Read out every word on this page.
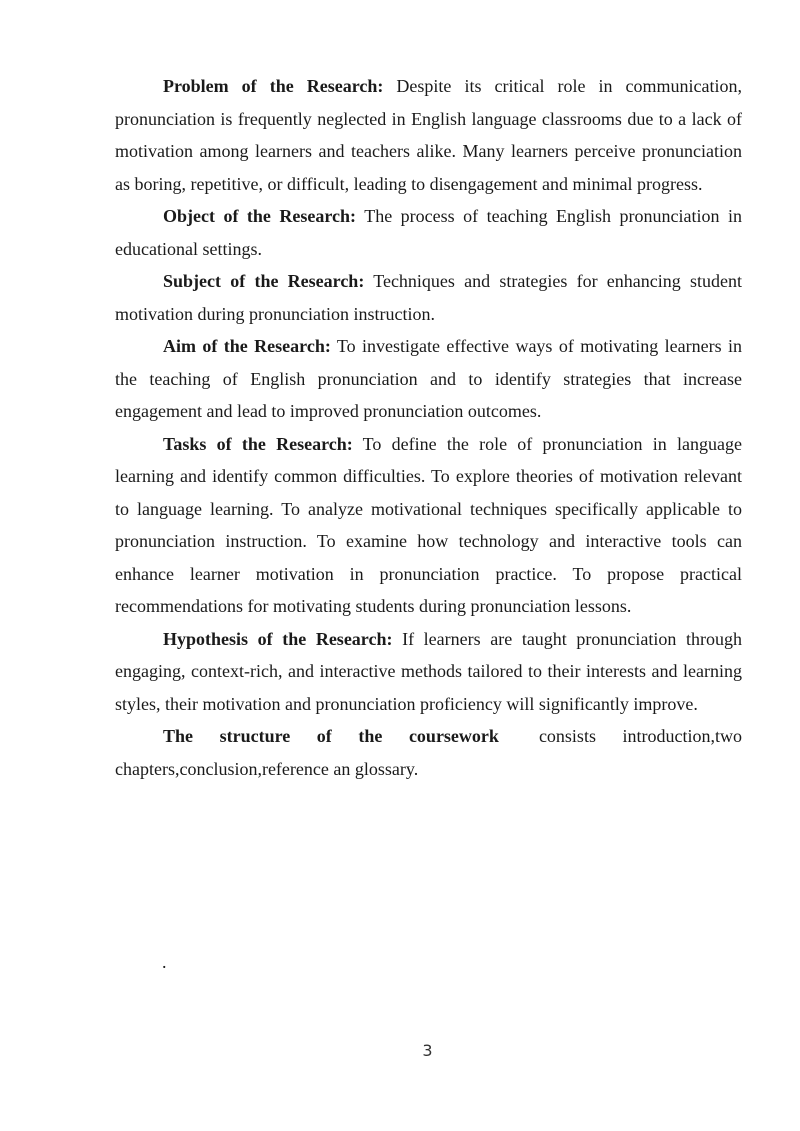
Problem of the Research: Despite its critical role in communication, pronunciation is frequently neglected in English language classrooms due to a lack of motivation among learners and teachers alike. Many learners perceive pronunciation as boring, repetitive, or difficult, leading to disengagement and minimal progress.

Object of the Research: The process of teaching English pronunciation in educational settings.

Subject of the Research: Techniques and strategies for enhancing student motivation during pronunciation instruction.

Aim of the Research: To investigate effective ways of motivating learners in the teaching of English pronunciation and to identify strategies that increase engagement and lead to improved pronunciation outcomes.

Tasks of the Research: To define the role of pronunciation in language learning and identify common difficulties. To explore theories of motivation relevant to language learning. To analyze motivational techniques specifically applicable to pronunciation instruction. To examine how technology and interactive tools can enhance learner motivation in pronunciation practice. To propose practical recommendations for motivating students during pronunciation lessons.

Hypothesis of the Research: If learners are taught pronunciation through engaging, context-rich, and interactive methods tailored to their interests and learning styles, their motivation and pronunciation proficiency will significantly improve.

The structure of the coursework consists introduction,two chapters,conclusion,reference an glossary.

.
3
